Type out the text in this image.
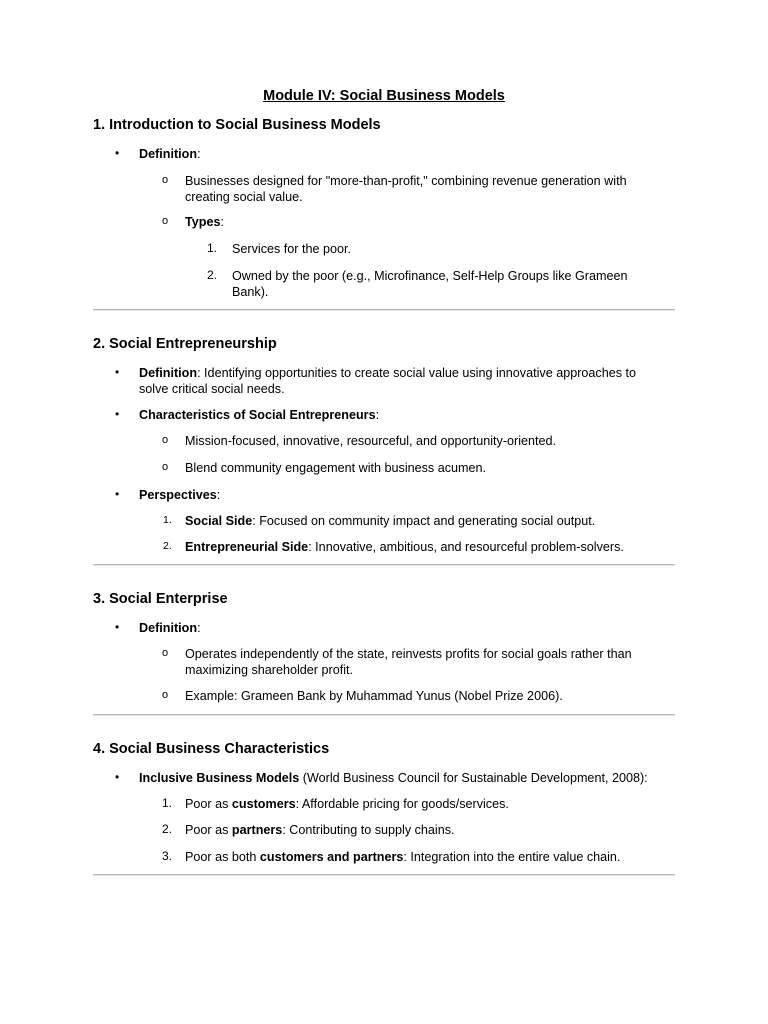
Module IV: Social Business Models
1. Introduction to Social Business Models
• Definition:
o Businesses designed for "more-than-profit," combining revenue generation with
creating social value.
o Types:
1. Services for the poor.
2. Owned by the poor (e.g., Microfinance, Self-Help Groups like Grameen
Bank).
2. Social Entrepreneurship
• Definition: Identifying opportunities to create social value using innovative approaches to
solve critical social needs.
• Characteristics of Social Entrepreneurs:
o Mission-focused, innovative, resourceful, and opportunity-oriented.
o Blend community engagement with business acumen.
• Perspectives:
1. Social Side: Focused on community impact and generating social output.
2. Entrepreneurial Side: Innovative, ambitious, and resourceful problem-solvers.
3. Social Enterprise
• Definition:
o Operates independently of the state, reinvests profits for social goals rather than
maximizing shareholder profit.
o Example: Grameen Bank by Muhammad Yunus (Nobel Prize 2006).
4. Social Business Characteristics
• Inclusive Business Models (World Business Council for Sustainable Development, 2008):
1. Poor as customers: Affordable pricing for goods/services.
2. Poor as partners: Contributing to supply chains.
3. Poor as both customers and partners: Integration into the entire value chain.
